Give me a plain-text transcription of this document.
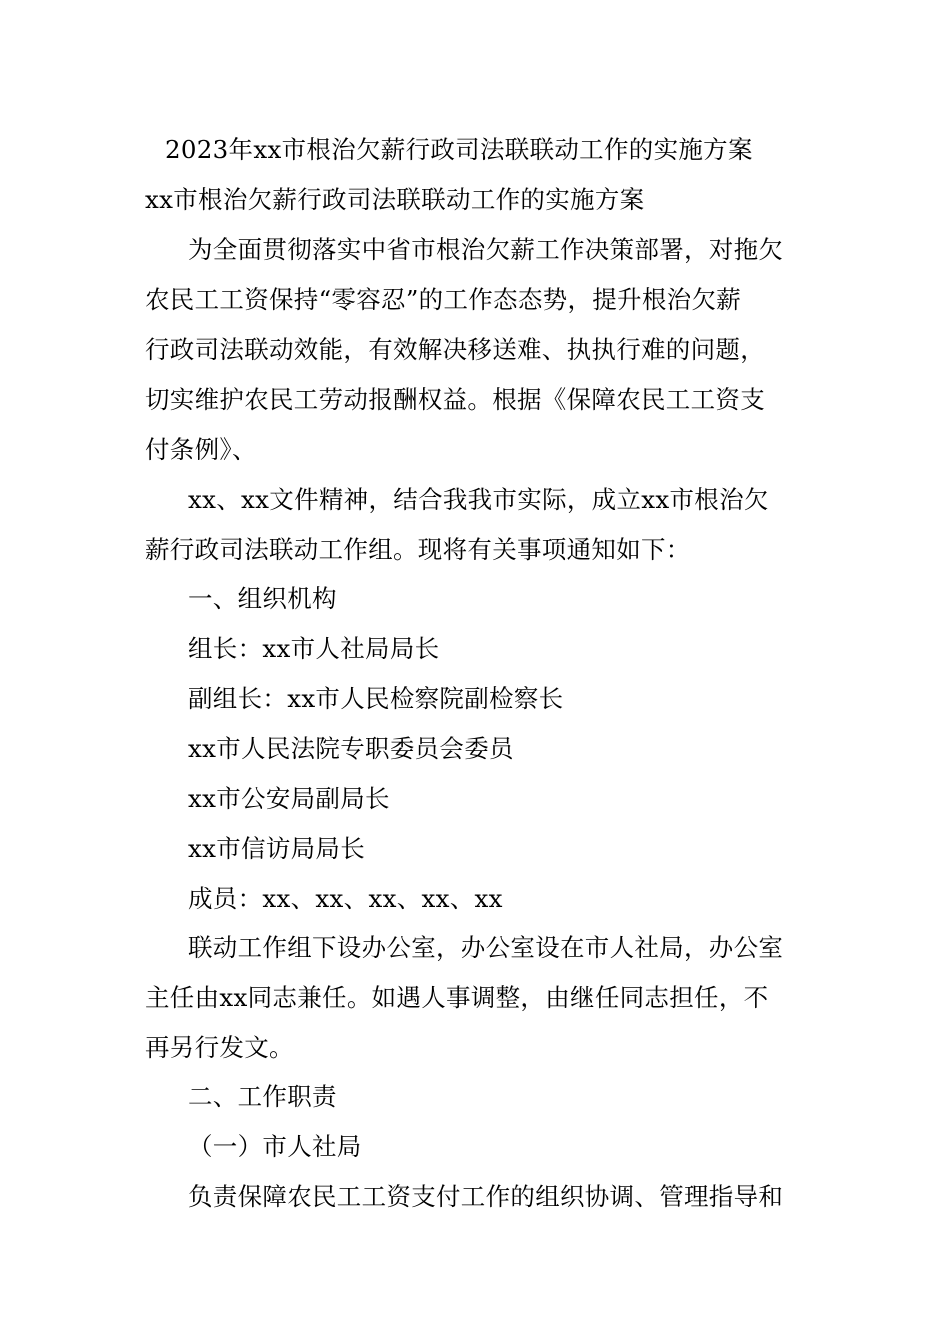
2023年xx市根治欠薪行政司法联联动工作的实施方案
xx市根治欠薪行政司法联联动工作的实施方案
为全面贯彻落实中省市根治欠薪工作决策部署，对拖欠
农民工工资保持“零容忍”的工作态态势，提升根治欠薪
行政司法联动效能，有效解决移送难、执执行难的问题，
切实维护农民工劳动报酬权益。根据《保障农民工工资支
付条例》、
xx、xx文件精神，结合我我市实际，成立xx市根治欠
薪行政司法联动工作组。现将有关事项通知如下：
一、组织机构
组长：xx市人社局局长
副组长：xx市人民检察院副检察长
xx市人民法院专职委员会委员
xx市公安局副局长
xx市信访局局长
成员：xx、xx、xx、xx、xx
联动工作组下设办公室，办公室设在市人社局，办公室
主任由xx同志兼任。如遇人事调整，由继任同志担任，不
再另行发文。
二、工作职责
（一）市人社局
负责保障农民工工资支付工作的组织协调、管理指导和
